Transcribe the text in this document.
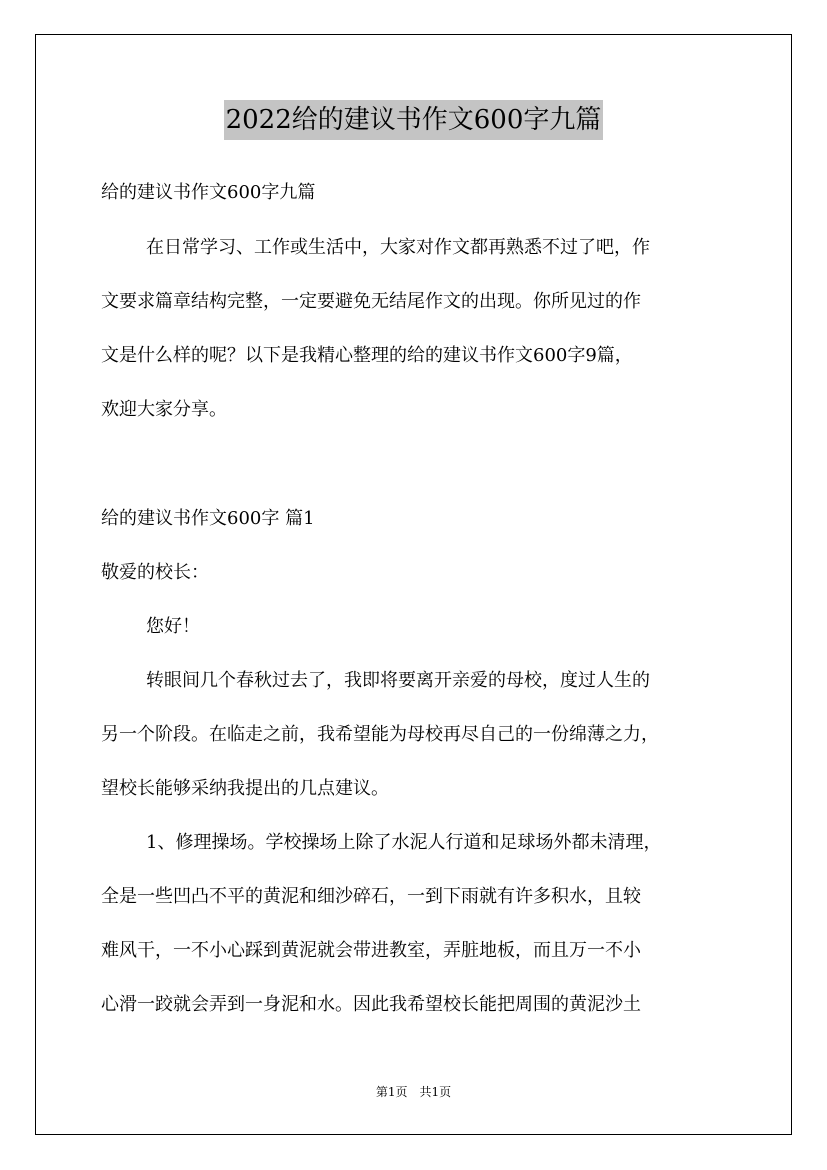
2022给的建议书作文600字九篇
给的建议书作文600字九篇
在日常学习、工作或生活中，大家对作文都再熟悉不过了吧，作
文要求篇章结构完整，一定要避免无结尾作文的出现。你所见过的作
文是什么样的呢？以下是我精心整理的给的建议书作文600字9篇，
欢迎大家分享。
给的建议书作文600字 篇1
敬爱的校长：
您好！
转眼间几个春秋过去了，我即将要离开亲爱的母校，度过人生的
另一个阶段。在临走之前，我希望能为母校再尽自己的一份绵薄之力，
望校长能够采纳我提出的几点建议。
1、修理操场。学校操场上除了水泥人行道和足球场外都未清理，
全是一些凹凸不平的黄泥和细沙碎石，一到下雨就有许多积水，且较
难风干，一不小心踩到黄泥就会带进教室，弄脏地板，而且万一不小
心滑一跤就会弄到一身泥和水。因此我希望校长能把周围的黄泥沙土
第1页　共1页
